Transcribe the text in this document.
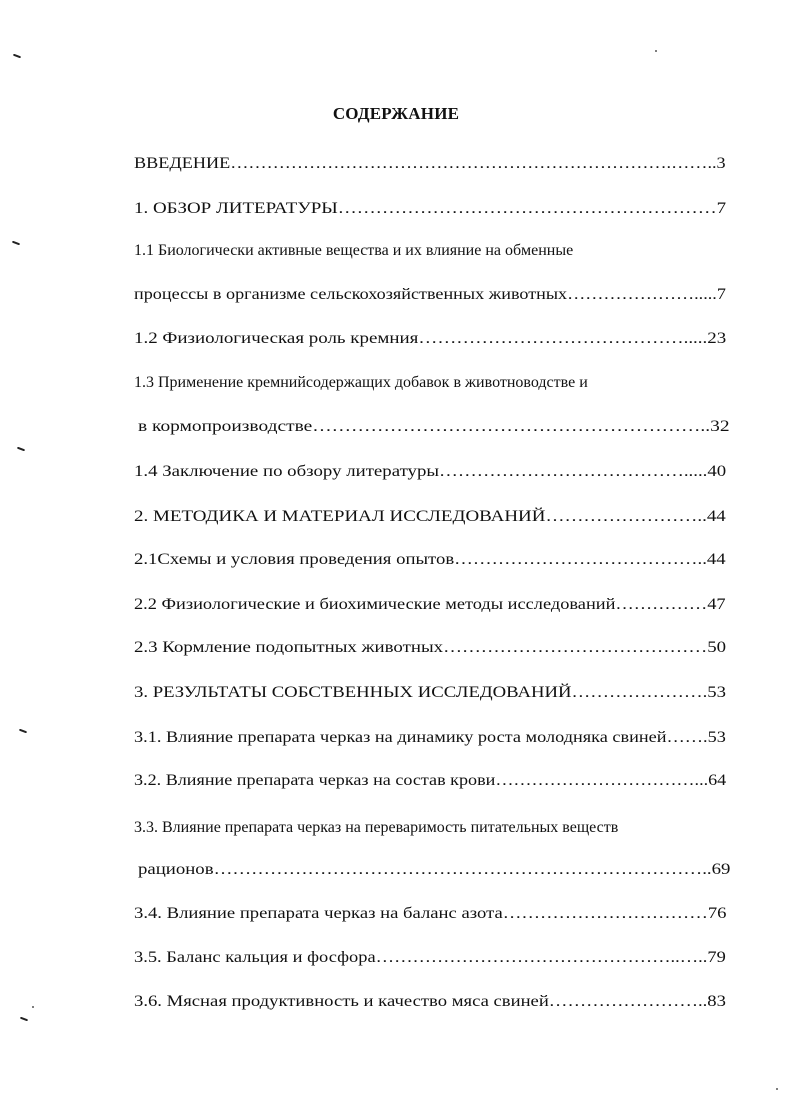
СОДЕРЖАНИЕ
ВВЕДЕНИЕ……………………………………………………………….……..3
1. ОБЗОР ЛИТЕРАТУРЫ……………………………………………………7
1.1 Биологически активные вещества и их влияние на обменные
процессы в организме сельскохозяйственных животных………………….....7
1.2 Физиологическая роль кремния…………………………………….....23
1.3 Применение кремнийсодержащих добавок в животноводстве и
в кормопроизводстве……………………………………………………..32
1.4 Заключение по обзору литературы………………………………….....40
2. МЕТОДИКА И МАТЕРИАЛ ИССЛЕДОВАНИЙ……………………..44
2.1Схемы и условия проведения опытов…………………………………..44
2.2 Физиологические и биохимические методы исследований……………47
2.3 Кормление подопытных животных……………………………………50
3. РЕЗУЛЬТАТЫ СОБСТВЕННЫХ ИССЛЕДОВАНИЙ………………….53
3.1. Влияние препарата черказ на динамику роста молодняка свиней…….53
3.2. Влияние препарата черказ на состав крови……………………………...64
3.3. Влияние препарата черказ на переваримость питательных веществ
рационов……………………………………………………………………..69
3.4. Влияние препарата черказ на баланс азота……………………………76
3.5. Баланс кальция и фосфора…………………………………………..…..79
3.6. Мясная продуктивность и качество мяса свиней……………………..83
